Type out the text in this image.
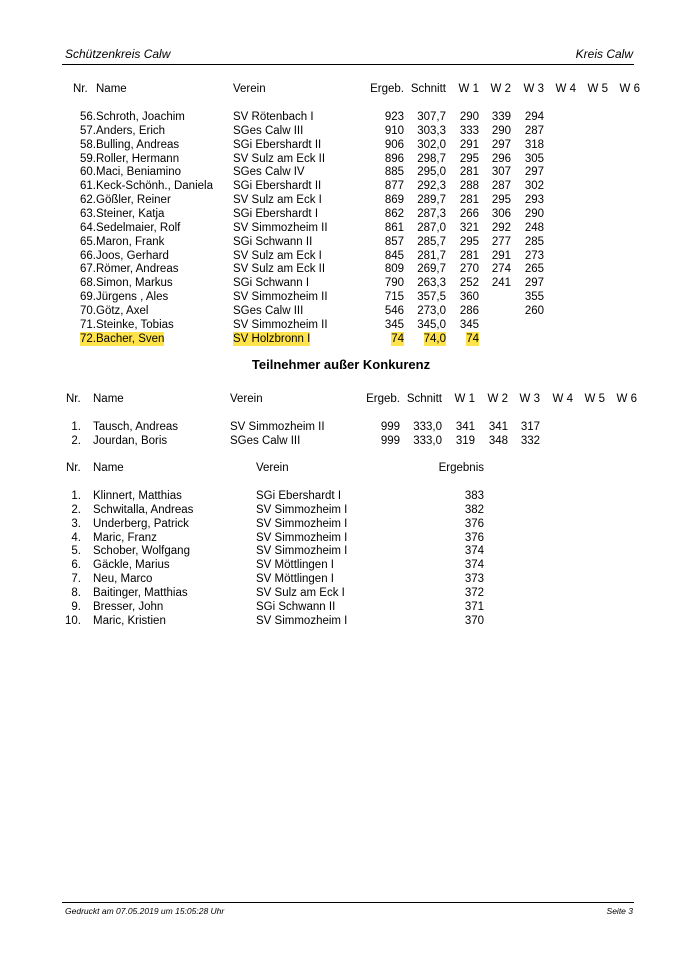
Schützenkreis Calw	Kreis Calw
Nr. Name	Verein	Ergeb. Schnitt W 1 W 2 W 3 W 4 W 5 W 6
56. Schroth, Joachim	SV Rötenbach I	923 307,7 290 339 294
57. Anders, Erich	SGes Calw III	910 303,3 333 290 287
58. Bulling, Andreas	SGi Ebershardt II	906 302,0 291 297 318
59. Roller, Hermann	SV Sulz am Eck II	896 298,7 295 296 305
60. Maci, Beniamino	SGes Calw IV	885 295,0 281 307 297
61. Keck-Schönh., Daniela SGi Ebershardt II	877 292,3 288 287 302
62. Gößler, Reiner	SV Sulz am Eck I	869 289,7 281 295 293
63. Steiner, Katja	SGi Ebershardt I	862 287,3 266 306 290
64. Sedelmaier, Rolf	SV Simmozheim II	861 287,0 321 292 248
65. Maron, Frank	SGi Schwann II	857 285,7 295 277 285
66. Joos, Gerhard	SV Sulz am Eck I	845 281,7 281 291 273
67. Römer, Andreas	SV Sulz am Eck II	809 269,7 270 274 265
68. Simon, Markus	SGi Schwann I	790 263,3 252 241 297
69. Jürgens , Ales	SV Simmozheim II	715 357,5 360	355
70. Götz, Axel	SGes Calw III	546 273,0 286	260
71. Steinke, Tobias	SV Simmozheim II	345 345,0 345
72. Bacher, Sven	SV Holzbronn I	74 74,0 74
Teilnehmer außer Konkurenz
Nr. Name	Verein	Ergeb. Schnitt W 1 W 2 W 3 W 4 W 5 W 6
1. Tausch, Andreas	SV Simmozheim II	999 333,0 341 341 317
2. Jourdan, Boris	SGes Calw III	999 333,0 319 348 332
Nr. Name	Verein	Ergebnis
1. Klinnert, Matthias	SGi Ebershardt I	383
2. Schwitalla, Andreas	SV Simmozheim I	382
3. Underberg, Patrick	SV Simmozheim I	376
4. Maric, Franz	SV Simmozheim I	376
5. Schober, Wolfgang	SV Simmozheim I	374
6. Gäckle, Marius	SV Möttlingen I	374
7. Neu, Marco	SV Möttlingen I	373
8. Baitinger, Matthias	SV Sulz am Eck I	372
9. Bresser, John	SGi Schwann II	371
10. Maric, Kristien	SV Simmozheim I	370
Gedruckt am 07.05.2019 um 15:05:28 Uhr	Seite 3
